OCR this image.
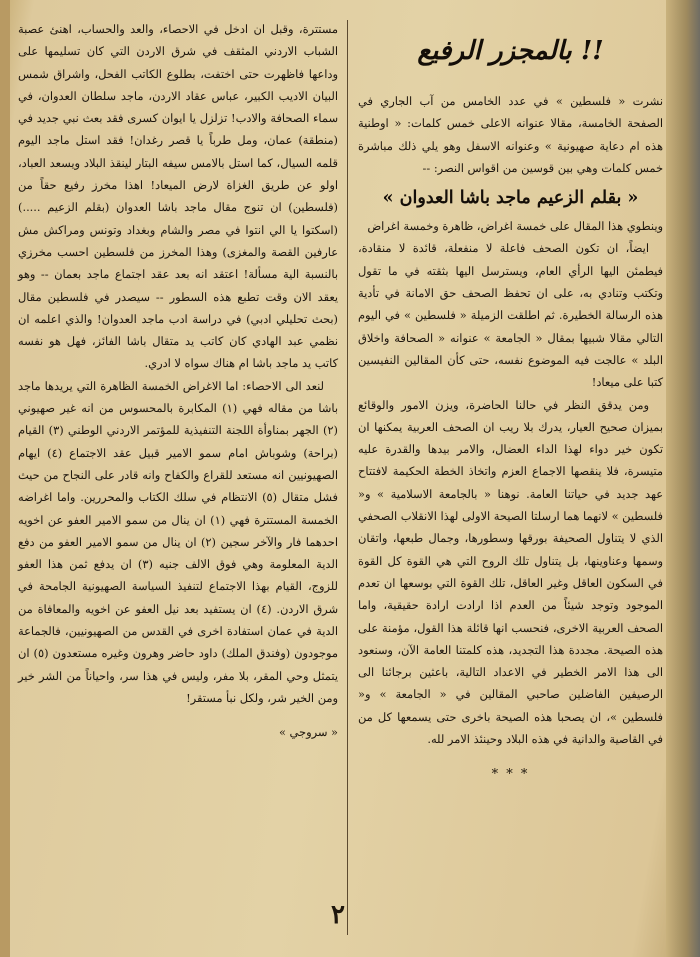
!! بالمجزر الرفيع

نشرت « فلسطين » في عدد الخامس من آب الجاري في الصفحة الخامسة، مقالا عنوانه الاعلى خمس كلمات: « اوطنية هذه ام دعاية صهيونية » وعنوانه الاسفل وهو يلي ذلك مباشرة خمس كلمات وهي بين قوسين من اقواس النصر: --

« بقلم الزعيم ماجد باشا العدوان »

وينطوي هذا المقال على خمسة اغراض، ظاهرة وخمسة اغراض

ايضاً، ان تكون الصحف فاعلة لا منفعلة، قائدة لا منقادة، فيطمئن اليها الرأي العام، ويسترسل اليها بثقته في ما تقول وتكتب وتنادي به، على ان تحفظ الصحف حق الامانة في تأدية هذه الرسالة الخطيرة. ثم اطلقت الزميلة « فلسطين » في اليوم التالي مقالا شبيها بمقال « الجامعة » عنوانه « الصحافة واخلاق البلد » عالجت فيه الموضوع نفسه، حتى كأن المقالين النفيسين كتبا على ميعاد!

ومن يدقق النظر في حالنا الحاضرة، ويزن الامور والوقائع بميزان صحيح العيار، يدرك بلا ريب ان الصحف العربية يمكنها ان تكون خير دواء لهذا الداء العضال، والامر بيدها والقدرة عليه متيسرة، فلا ينقصها الاجماع العزم واتخاذ الخطة الحكيمة لافتتاح عهد جديد في حياتنا العامة. نوهنا « بالجامعة الاسلامية » و« فلسطين » لانهما هما ارسلتا الصيحة الاولى لهذا الانقلاب الصحفي الذي لا يتناول الصحيفة بورقها وسطورها، وجمال طبعها، واتقان وسمها وعناوينها، بل يتناول تلك الروح التي هي القوة كل القوة في السكون العاقل وغير العاقل، تلك القوة التي بوسعها ان تعدم الموجود وتوجد شيئاً من العدم اذا ارادت ارادة حقيقية، واما الصحف العربية الاخرى، فنحسب انها قائلة هذا القول، مؤمنة على هذه الصيحة. مجددة هذا التجديد، هذه كلمتنا العامة الآن، وسنعود الى هذا الامر الخطير في الاعداد التالية، باعثين برجائنا الى الرصيفين الفاضلين صاحبي المقالين في « الجامعة » و« فلسطين »، ان يصحبا هذه الصيحة باخرى حتى يسمعها كل من في القاصية والدانية في هذه البلاد وحينئذ الامر لله.

* * *

مستترة، وقبل ان ادخل في الاحصاء، والعد والحساب، اهنئ عصبة الشباب الاردني المثقف في شرق الاردن التي كان تسليمها على وداعها فاظهرت حتى اختفت، بطلوع الكاتب الفحل، واشراق شمس البيان الاديب الكبير، عباس عقاد الاردن، ماجد سلطان العدوان، في سماء الصحافة والادب! تزلزل يا ايوان كسرى فقد بعث نبي جديد في (منطقة) عمان، ومل طرباً يا قصر رغدان! فقد استل ماجد اليوم قلمه السيال، كما استل بالامس سيفه البتار لينقذ البلاد ويسعد العباد، اولو عن طريق الغزاة لارض الميعاد! اهذا مخرز رفيع حقاً من (فلسطين) ان تنوج مقال ماجد باشا العدوان (بقلم الزعيم .....) (اسكتوا يا الي انتوا في مصر والشام وبغداد وتونس ومراكش مش عارفين القصة والمغزى) وهذا المخرز من فلسطين احسب مخرزي بالنسبة الية مسألة! اعتقد انه بعد عقد اجتماع ماجد بعمان -- وهو يعقد الان وقت تطبع هذه السطور -- سيصدر في فلسطين مقال (بحث تحليلي ادبي) في دراسة ادب ماجد العدوان! والذي اعلمه ان نظمي عبد الهادي كان كاتب يد متقال باشا الفائز، فهل هو نفسه كاتب يد ماجد باشا ام هناك سواه لا ادري.

لنعد الى الاحصاء: اما الاغراض الخمسة الظاهرة التي يريدها ماجد باشا من مقاله فهي (١) المكابرة بالمحسوس من انه غير صهيوني (٢) الجهر بمناوأة اللجنة التنفيذية للمؤتمر الاردني الوطني (٣) القيام (براحة) وشوباش امام سمو الامير قبيل عقد الاجتماع (٤) ايهام الصهيونيين انه مستعد للقراع والكفاح وانه قادر على النجاح من حيث فشل متقال (٥) الانتظام في سلك الكتاب والمحررين. واما اغراضه الخمسة المستترة فهي (١) ان ينال من سمو الامير العفو عن اخويه احدهما فار والآخر سجين (٢) ان ينال من سمو الامير العفو من دفع الدية المعلومة وهي فوق الالف جنيه (٣) ان يدفع ثمن هذا العفو للزوج، القيام بهذا الاجتماع لتنفيذ السياسة الصهيونية الجامحة في شرق الاردن. (٤) ان يستفيد بعد نيل العفو عن اخويه والمعافاة من الدية في عمان استفادة اخرى في القدس من الصهيونيين، فالجماعة موجودون (وفندق الملك) داود حاضر وهرون وغيره مستعدون (٥) ان يتمثل وحي المقر، بلا مفر، وليس في هذا سر، واحياناً من الشر خير ومن الخير شر، ولكل نبأ مستقر!

« سروجي »
٢
